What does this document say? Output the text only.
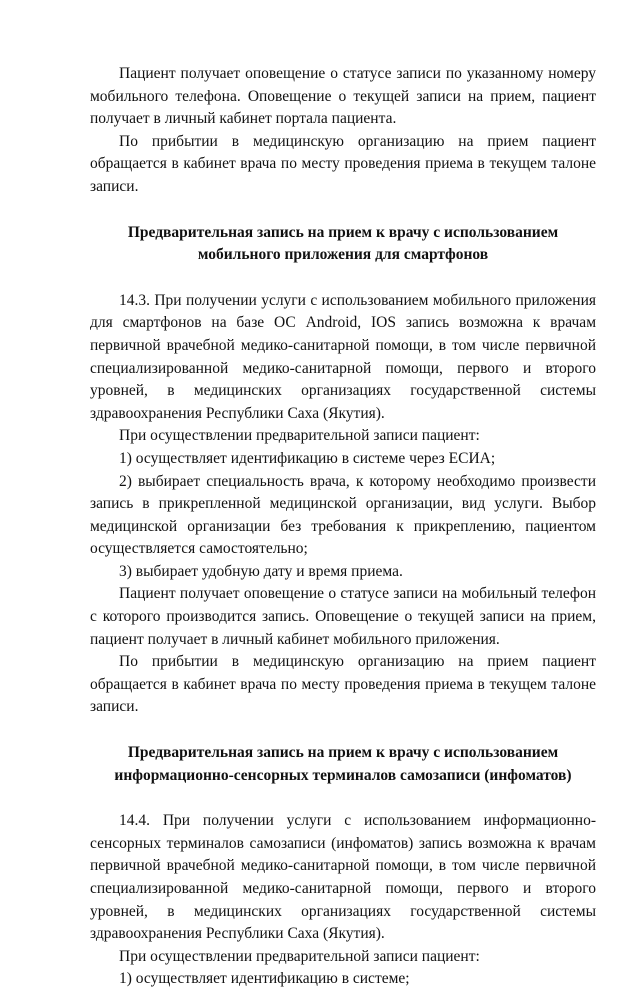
Пациент получает оповещение о статусе записи по указанному номеру мобильного телефона. Оповещение о текущей записи на прием, пациент получает в личный кабинет портала пациента.

По прибытии в медицинскую организацию на прием пациент обращается в кабинет врача по месту проведения приема в текущем талоне записи.

Предварительная запись на прием к врачу с использованием
мобильного приложения для смартфонов

14.3. При получении услуги с использованием мобильного приложения для смартфонов на базе ОС Android, IOS запись возможна к врачам первичной врачебной медико-санитарной помощи, в том числе первичной специализированной медико-санитарной помощи, первого и второго уровней, в медицинских организациях государственной системы здравоохранения Республики Саха (Якутия).

При осуществлении предварительной записи пациент:

1) осуществляет идентификацию в системе через ЕСИА;

2) выбирает специальность врача, к которому необходимо произвести запись в прикрепленной медицинской организации, вид услуги. Выбор медицинской организации без требования к прикреплению, пациентом осуществляется самостоятельно;

3) выбирает удобную дату и время приема.

Пациент получает оповещение о статусе записи на мобильный телефон с которого производится запись. Оповещение о текущей записи на прием, пациент получает в личный кабинет мобильного приложения.

По прибытии в медицинскую организацию на прием пациент обращается в кабинет врача по месту проведения приема в текущем талоне записи.

Предварительная запись на прием к врачу с использованием
информационно-сенсорных терминалов самозаписи (инфоматов)

14.4. При получении услуги с использованием информационно-сенсорных терминалов самозаписи (инфоматов) запись возможна к врачам первичной врачебной медико-санитарной помощи, в том числе первичной специализированной медико-санитарной помощи, первого и второго уровней, в медицинских организациях государственной системы здравоохранения Республики Саха (Якутия).

При осуществлении предварительной записи пациент:

1) осуществляет идентификацию в системе;
